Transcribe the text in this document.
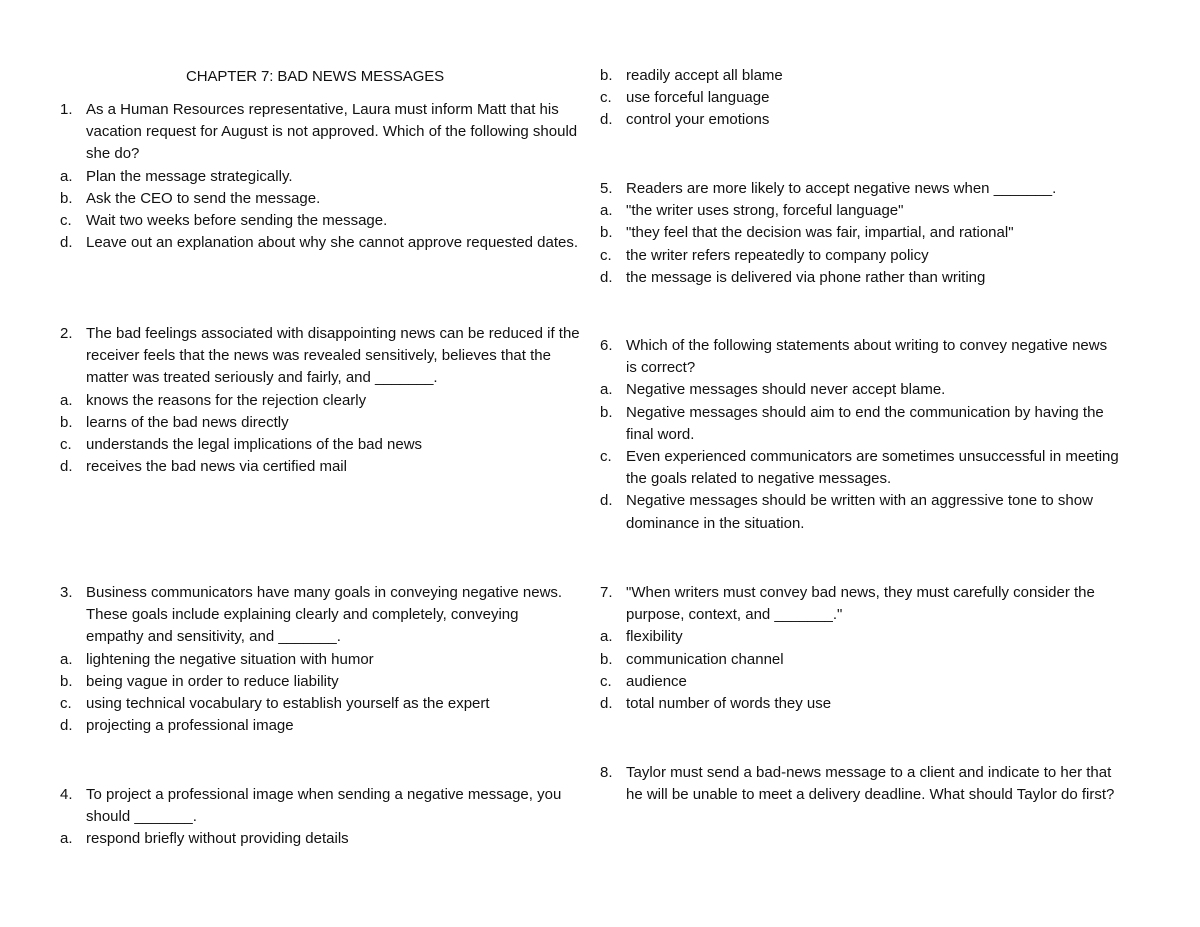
CHAPTER 7: BAD NEWS MESSAGES
1. As a Human Resources representative, Laura must inform Matt that his vacation request for August is not approved. Which of the following should she do?
a. Plan the message strategically.
b. Ask the CEO to send the message.
c. Wait two weeks before sending the message.
d. Leave out an explanation about why she cannot approve requested dates.
2. The bad feelings associated with disappointing news can be reduced if the receiver feels that the news was revealed sensitively, believes that the matter was treated seriously and fairly, and _______.
a. knows the reasons for the rejection clearly
b. learns of the bad news directly
c. understands the legal implications of the bad news
d. receives the bad news via certified mail
3. Business communicators have many goals in conveying negative news. These goals include explaining clearly and completely, conveying empathy and sensitivity, and _______.
a. lightening the negative situation with humor
b. being vague in order to reduce liability
c. using technical vocabulary to establish yourself as the expert
d. projecting a professional image
4. To project a professional image when sending a negative message, you should _______.
a. respond briefly without providing details
b. readily accept all blame
c. use forceful language
d. control your emotions
5. Readers are more likely to accept negative news when _______.
a. "the writer uses strong, forceful language"
b. "they feel that the decision was fair, impartial, and rational"
c. the writer refers repeatedly to company policy
d. the message is delivered via phone rather than writing
6. Which of the following statements about writing to convey negative news is correct?
a. Negative messages should never accept blame.
b. Negative messages should aim to end the communication by having the final word.
c. Even experienced communicators are sometimes unsuccessful in meeting the goals related to negative messages.
d. Negative messages should be written with an aggressive tone to show dominance in the situation.
7. "When writers must convey bad news, they must carefully consider the purpose, context, and _______."
a. flexibility
b. communication channel
c. audience
d. total number of words they use
8. Taylor must send a bad-news message to a client and indicate to her that he will be unable to meet a delivery deadline. What should Taylor do first?
